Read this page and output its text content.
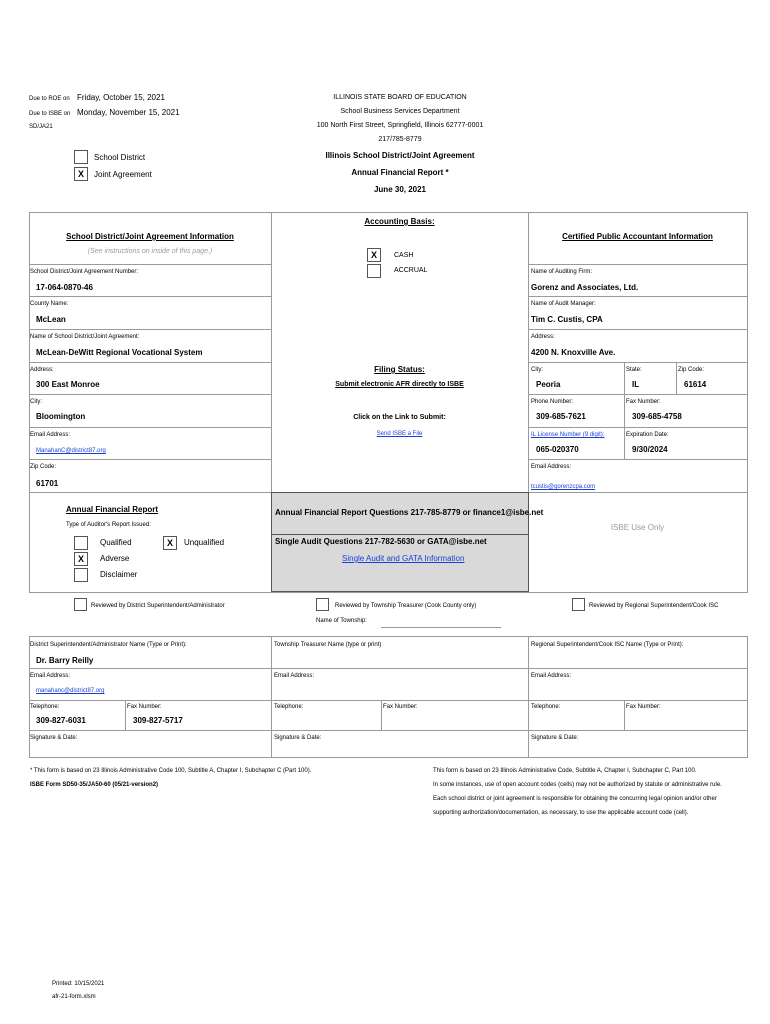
Due to ROE on Friday, October 15, 2021
Due to ISBE on Monday, November 15, 2021
SD/JA21
School District
X	Joint Agreement
ILLINOIS STATE BOARD OF EDUCATION
School Business Services Department
100 North First Street, Springfield, Illinois 62777-0001
217/785-8779
Illinois School District/Joint Agreement
Annual Financial Report *
June 30, 2021
School District/Joint Agreement Information
(See instructions on inside of this page.)
School District/Joint Agreement Number:
17-064-0870-46
County Name:
McLean
Name of School District/Joint Agreement:
McLean-DeWitt Regional Vocational System
Address:
300 East Monroe
City:
Bloomington
Email Address:
ManahanC@district87.org
Zip Code:
61701
Accounting Basis:
X	CASH
ACCRUAL
Filing Status:
Submit electronic AFR directly to ISBE
Click on the Link to Submit:
Send ISBE a File
Certified Public Accountant Information
Name of Auditing Firm:
Gorenz and Associates, Ltd.
Name of Audit Manager:
Tim C. Custis, CPA
Address:
4200 N. Knoxville Ave.
City:
Peoria
State:
IL
Zip Code:
61614
Phone Number:
309-685-7621
Fax Number:
309-685-4758
IL License Number (9 digit):
065-020370
Expiration Date:
9/30/2024
Email Address:
tcustis@gorenzcpa.com
Annual Financial Report
Type of Auditor's Report Issued:
Qualified
X	Adverse
Disclaimer
X	Unqualified
Annual Financial Report Questions 217-785-8779 or finance1@isbe.net
Single Audit Questions 217-782-5630 or GATA@isbe.net
Single Audit and GATA Information
ISBE Use Only
Reviewed by District Superintendent/Administrator	Reviewed by Township Treasurer (Cook County only)
Name of Township:
Reviewed by Regional Superintendent/Cook ISC
District Superintendent/Administrator Name (Type or Print):
Dr. Barry Reilly
Email Address:
manahanc@district87.org
Telephone:
309-827-6031
Fax Number:
309-827-5717
Signature & Date:
Township Treasurer Name (type or print)
Email Address:
Telephone:	Fax Number:
Signature & Date:
Regional Superintendent/Cook ISC Name (Type or Print):
Email Address:
Telephone:	Fax Number:
Signature & Date:
* This form is based on 23 Illinois Administrative Code 100, Subtitle A, Chapter I, Subchapter C (Part 100).
ISBE Form SD50-35/JA50-60 (05/21-version2)
This form is based on 23 Illinois Administrative Code, Subtitle A, Chapter I, Subchapter C, Part 100.
In some instances, use of open account codes (cells) may not be authorized by statute or administrative rule.
Each school district or joint agreement is responsible for obtaining the concurring legal opinion and/or other
supporting authorization/documentation, as necessary, to use the applicable account code (cell).
Printed: 10/15/2021
afr-21-form.xlsm
